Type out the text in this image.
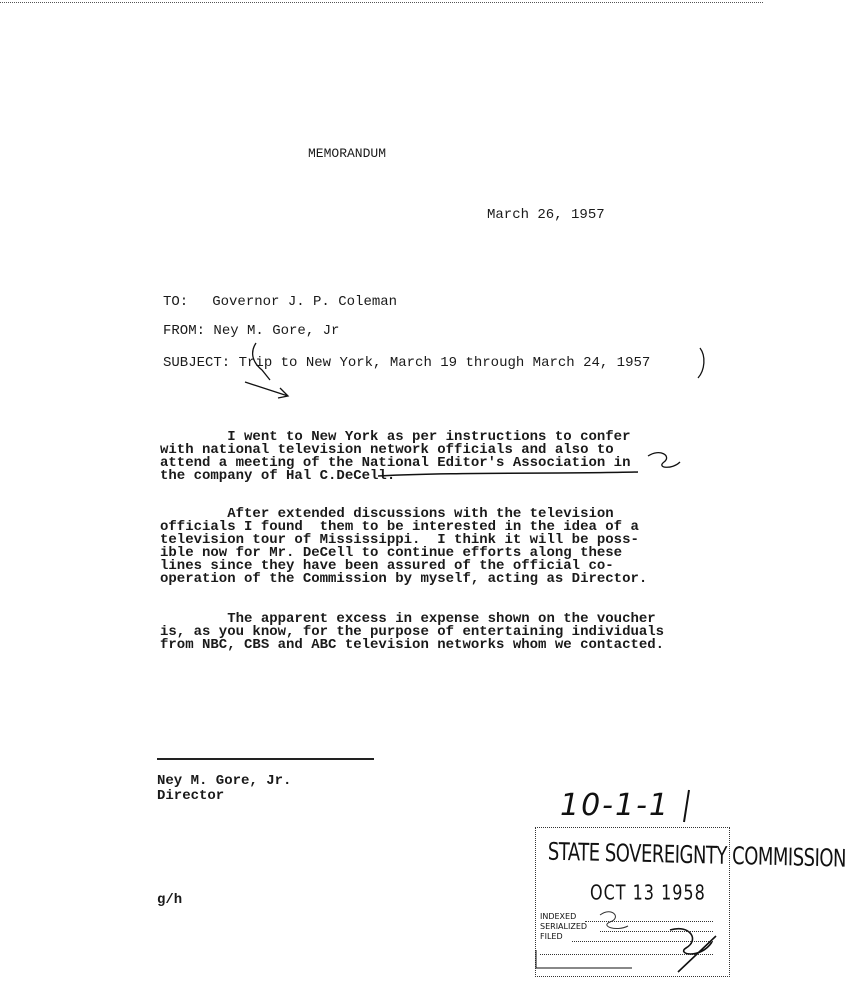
MEMORANDUM
March 26, 1957
TO: Governor J. P. Coleman
FROM: Ney M. Gore, Jr
SUBJECT: Trip to New York, March 19 through March 24, 1957
I went to New York as per instructions to confer
with national television network officials and also to
attend a meeting of the National Editor's Association in
the company of Hal C.DeCell.
After extended discussions with the television
officials I found  them to be interested in the idea of a
television tour of Mississippi.  I think it will be poss-
ible now for Mr. DeCell to continue efforts along these
lines since they have been assured of the official co-
operation of the Commission by myself, acting as Director.
The apparent excess in expense shown on the voucher
is, as you know, for the purpose of entertaining individuals
from NBC, CBS and ABC television networks whom we contacted.
Ney M. Gore, Jr.
Director
g/h
10-1-1
STATE SOVEREIGNTY COMMISSION
OCT 13 1958
INDEXED
SERIALIZED
FILED
